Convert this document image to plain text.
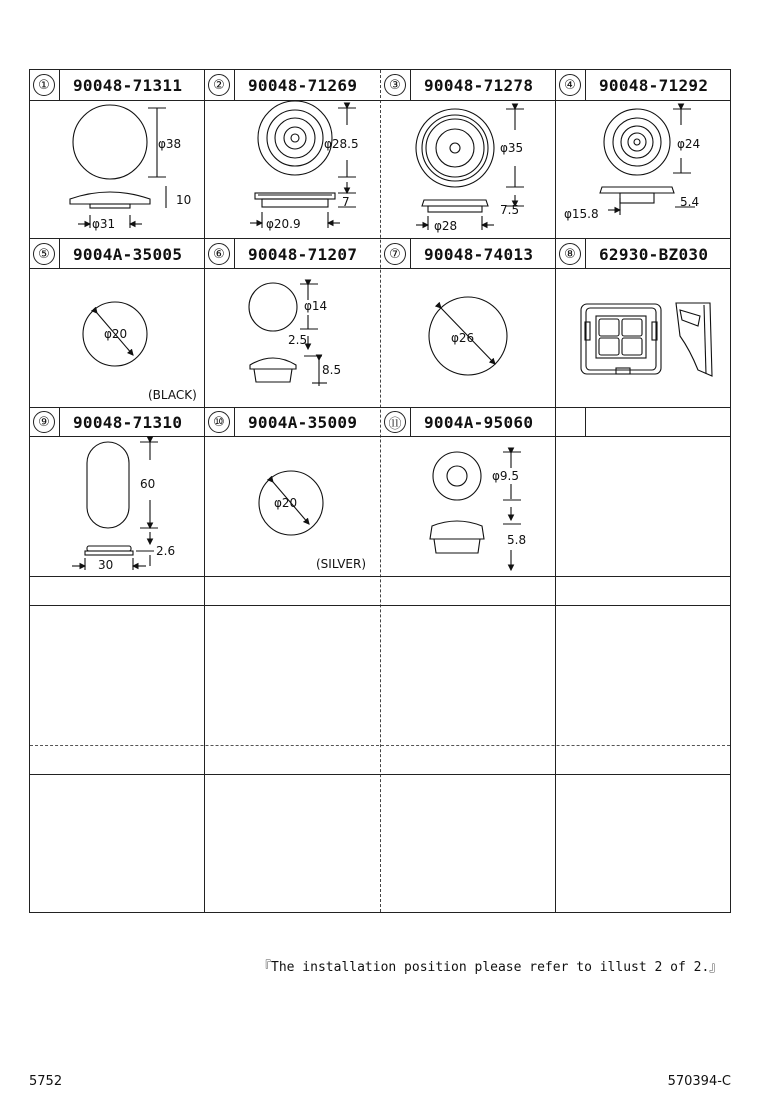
①	90048-71311	②	90048-71269	③	90048-71278	④	90048-71292
⑤	9004A-35005	⑥	90048-71207	⑦	90048-74013	⑧	62930-BZ030
⑨	90048-71310	⑩	9004A-35009	⑪ 9004A-95060
φ38
10
φ31
φ28.5
7
φ20.9
φ35
7.5
φ28
φ24
5.4
φ15.8
φ20
(BLACK)
φ14
2.5
8.5
φ26
60
2.6
30
φ20
(SILVER)
φ9.5
5.8
『The installation position please refer to illust 2 of 2.』
5752	570394-C
